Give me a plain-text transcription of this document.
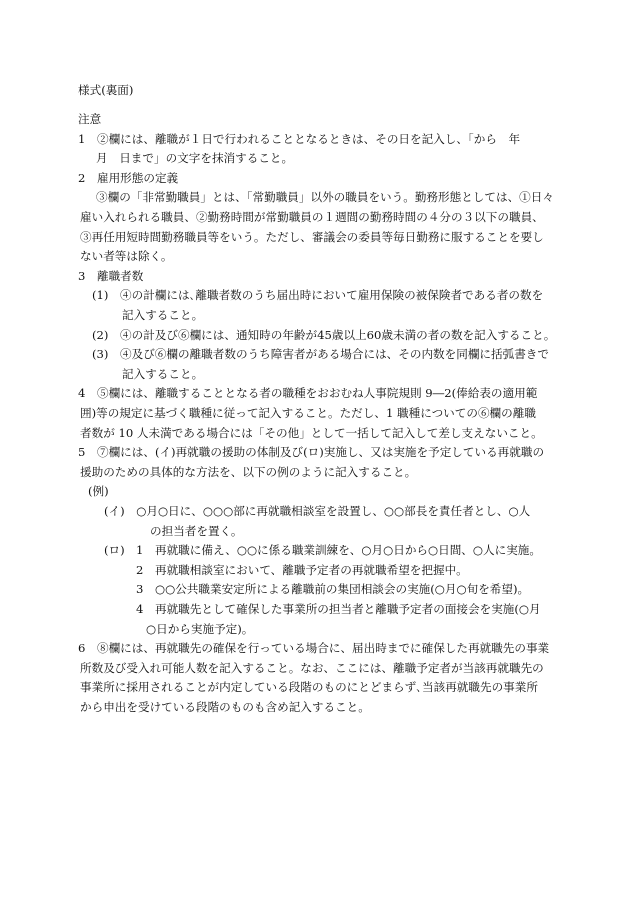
様式(裏面)
注意
1　②欄には、離職が１日で行われることとなるときは、その日を記入し、「から　年
月　日まで」の文字を抹消すること。
2　雇用形態の定義
③欄の「非常勤職員」とは、「常勤職員」以外の職員をいう。勤務形態としては、①日々
雇い入れられる職員、②勤務時間が常勤職員の１週間の勤務時間の４分の３以下の職員、
③再任用短時間勤務職員等をいう。ただし、審議会の委員等毎日勤務に服することを要し
ない者等は除く。
3　離職者数
(1)　④の計欄には､離職者数のうち届出時において雇用保険の被保険者である者の数を
記入すること。
(2)　④の計及び⑥欄には、通知時の年齢が45歳以上60歳未満の者の数を記入すること。
(3)　④及び⑥欄の離職者数のうち障害者がある場合には、その内数を同欄に括弧書きで
記入すること。
4　⑤欄には、離職することとなる者の職種をおおむね人事院規則 9―2(俸給表の適用範
囲)等の規定に基づく職種に従って記入すること。ただし、1 職種についての⑥欄の離職
者数が 10 人未満である場合には「その他」として一括して記入して差し支えないこと。
5　⑦欄には、(イ)再就職の援助の体制及び(ロ)実施し、又は実施を予定している再就職の
援助のための具体的な方法を、以下の例のように記入すること。
(例)
(イ)　○月○日に、○○○部に再就職相談室を設置し、○○部長を責任者とし、○人
の担当者を置く。
(ロ) 1　再就職に備え、○○に係る職業訓練を、○月○日から○日間、○人に実施。
2　再就職相談室において、離職予定者の再就職希望を把握中。
3　○○公共職業安定所による離職前の集団相談会の実施(○月○旬を希望)。
4　再就職先として確保した事業所の担当者と離職予定者の面接会を実施(○月
○日から実施予定)。
6　⑧欄には、再就職先の確保を行っている場合に、届出時までに確保した再就職先の事業
所数及び受入れ可能人数を記入すること。なお、ここには、離職予定者が当該再就職先の
事業所に採用されることが内定している段階のものにとどまらず､当該再就職先の事業所
から申出を受けている段階のものも含め記入すること。
